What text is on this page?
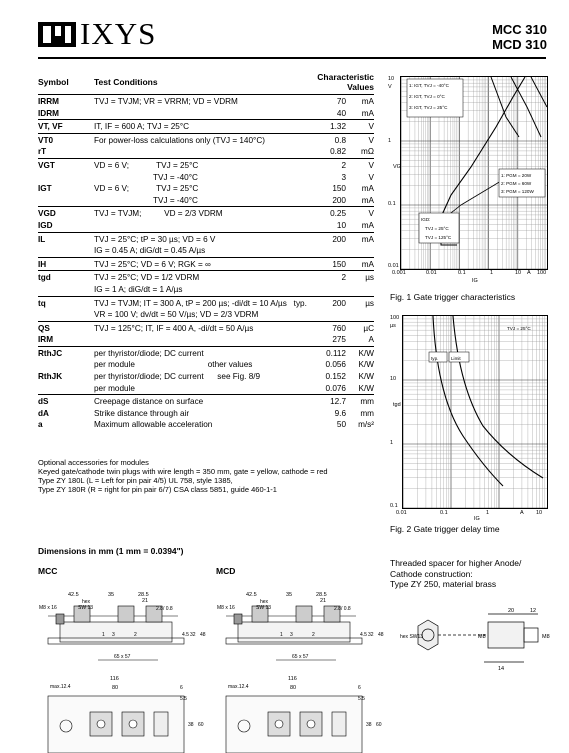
IXYS	MCC 310
MCD 310
Symbol	Test Conditions	Characteristic Values	
IRRM	TVJ = TVJM; VR = VRRM; VD = VDRM	70	mA
IDRM		40	mA
VT, VF	IT, IF = 600 A; TVJ = 25°C	1.32	V
VT0	For power-loss calculations only (TVJ = 140°C)	0.8	V
rT		0.82	mΩ
VGT	VD = 6 V;            TVJ = 25°C	2	V
	TVJ = -40°C	3	V
IGT	VD = 6 V;            TVJ = 25°C	150	mA
	TVJ = -40°C	200	mA
VGD	TVJ = TVJM;          VD = 2/3 VDRM	0.25	V
IGD		10	mA
IL	TVJ = 25°C; tP = 30 µs; VD = 6 V	200	mA
	IG = 0.45 A; diG/dt = 0.45 A/µs		
IH	TVJ = 25°C; VD = 6 V; RGK = ∞	150	mA
tgd	TVJ = 25°C; VD = 1/2 VDRM	2	µs
	IG = 1 A; diG/dt = 1 A/µs		
tq	TVJ = TVJM; IT = 300 A, tP = 200 µs; -di/dt = 10 A/µs   typ.	200	µs
	VR = 100 V; dv/dt = 50 V/µs; VD = 2/3 VDRM		
QS	TVJ = 125°C; IT, IF = 400 A, -di/dt = 50 A/µs	760	µC
IRM		275	A
RthJC	per thyristor/diode; DC current	0.112	K/W
	per module                                other values	0.056	K/W
RthJK	per thyristor/diode; DC current      see Fig. 8/9	0.152	K/W
	per module	0.076	K/W
dS	Creepage distance on surface	12.7	mm
dA	Strike distance through air	9.6	mm
a	Maximum allowable acceleration	50	m/s²
Optional accessories for modules
Keyed gate/cathode twin plugs with wire length = 350 mm, gate = yellow, cathode = red
Type ZY 180L (L = Left for pin pair 4/5) UL 758, style 1385,
Type ZY 180R (R = right for pin pair 6/7) CSA class 5851, guide 460-1-1
1: IGT, TVJ = -40°C
2: IGT, TVJ = 0°C
3: IGT, TVJ = 25°C
1: PGM = 20W
2: PGM = 60W
3: PGM = 120W
IGD:
TVJ = 25°C
TVJ = 125°C
10
V
1
0.1
0.01
VG
0.001	0.01	0.1	1	10 A 100
IG
Fig. 1 Gate trigger characteristics
typ.	Limit
TVJ = 25°C
100
µs
10
1
0.1
tgd
0.01	0.1	1	A 10
IG
Fig. 2 Gate trigger delay time
Dimensions in mm (1 mm = 0.0394")
MCC	MCD
42.5	35	28.5
21
M8 x 16
hex
SW 13	2.8/ 0.8
3
1	2
65 x 57
32 48
4.5
116
80	6
5.5
max.12.4
38 60
42.5	35	28.5
21
M8 x 16
hex
SW 13	2.8/ 0.8
3
1	2
65 x 57
32 48
4.5
116
80	6
5.5
max.12.4
38 60
Threaded spacer for higher Anode/
Cathode construction:
Type ZY 250, material brass
20	12
M8	M8
14
hex SW13
